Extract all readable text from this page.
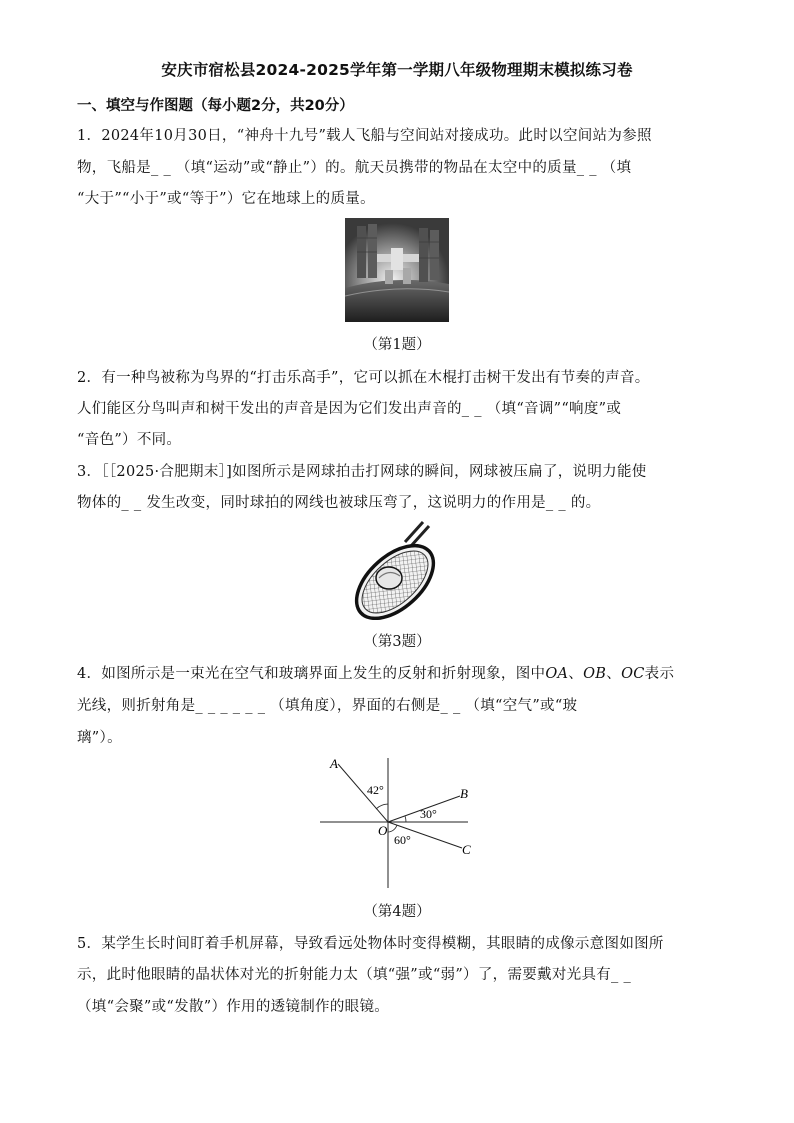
安庆市宿松县2024-2025学年第一学期八年级物理期末模拟练习卷
一、填空与作图题（每小题2分，共20分）
1．2024年10月30日，“神舟十九号”载人飞船与空间站对接成功。此时以空间站为参照
物，飞船是_ _ （填“运动”或“静止”）的。航天员携带的物品在太空中的质量_ _ （填
“大于”“小于”或“等于”）它在地球上的质量。
（第1题）
2．有一种鸟被称为鸟界的“打击乐高手”，它可以抓在木棍打击树干发出有节奏的声音。
人们能区分鸟叫声和树干发出的声音是因为它们发出声音的_ _ （填“音调”“响度”或
“音色”）不同。
3．［［2025·合肥期末］]如图所示是网球拍击打网球的瞬间，网球被压扁了，说明力能使
物体的_ _ 发生改变，同时球拍的网线也被球压弯了，这说明力的作用是_ _ 的。
（第3题）
4．如图所示是一束光在空气和玻璃界面上发生的反射和折射现象，图中OA、OB、OC表示
光线，则折射角是_ _ _ _ _ _ （填角度），界面的右侧是_ _ （填“空气”或“玻
璃”）。
A
B
C
O
42°
30°
60°
（第4题）
5．某学生长时间盯着手机屏幕，导致看远处物体时变得模糊，其眼睛的成像示意图如图所
示，此时他眼睛的晶状体对光的折射能力太（填“强”或“弱”）了，需要戴对光具有_ _
（填“会聚”或“发散”）作用的透镜制作的眼镜。
